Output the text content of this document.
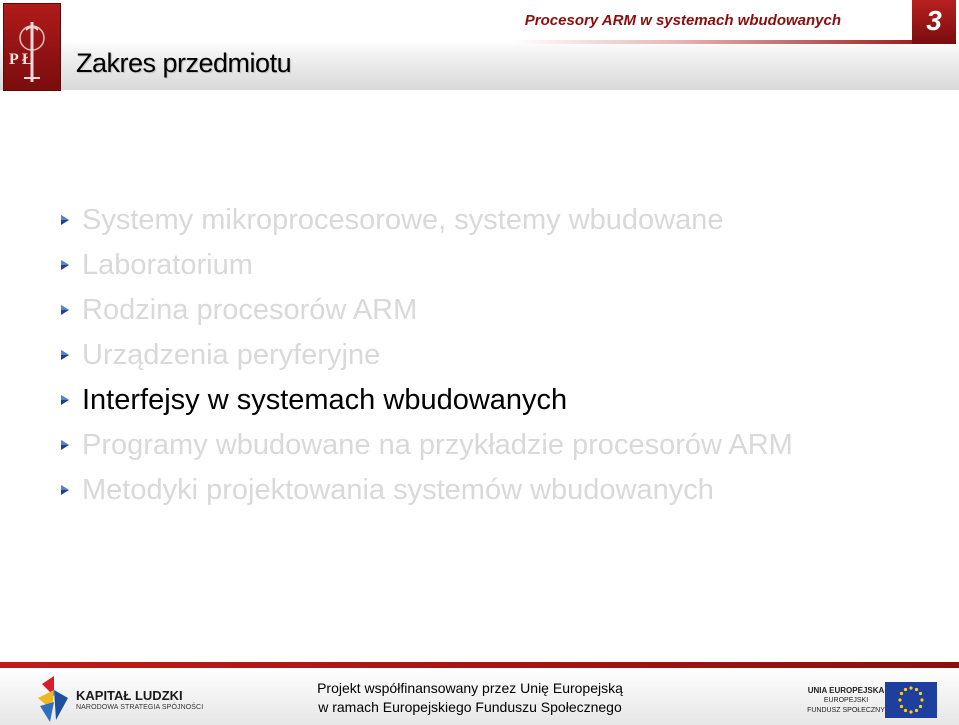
P Ł Zakres przedmiotu
Procesory ARM w systemach wbudowanych	3
Systemy mikroprocesorowe, systemy wbudowane
Laboratorium
Rodzina procesorów ARM
Urządzenia peryferyjne
Interfejsy w systemach wbudowanych
Programy wbudowane na przykładzie procesorów ARM
Metodyki projektowania systemów wbudowanych
KAPITAŁ LUDZKI
NARODOWA STRATEGIA SPÓJNOŚCI
Projekt współfinansowany przez Unię Europejską
w ramach Europejskiego Funduszu Społecznego
UNIA EUROPEJSKA
EUROPEJSKI
FUNDUSZ SPOŁECZNY
